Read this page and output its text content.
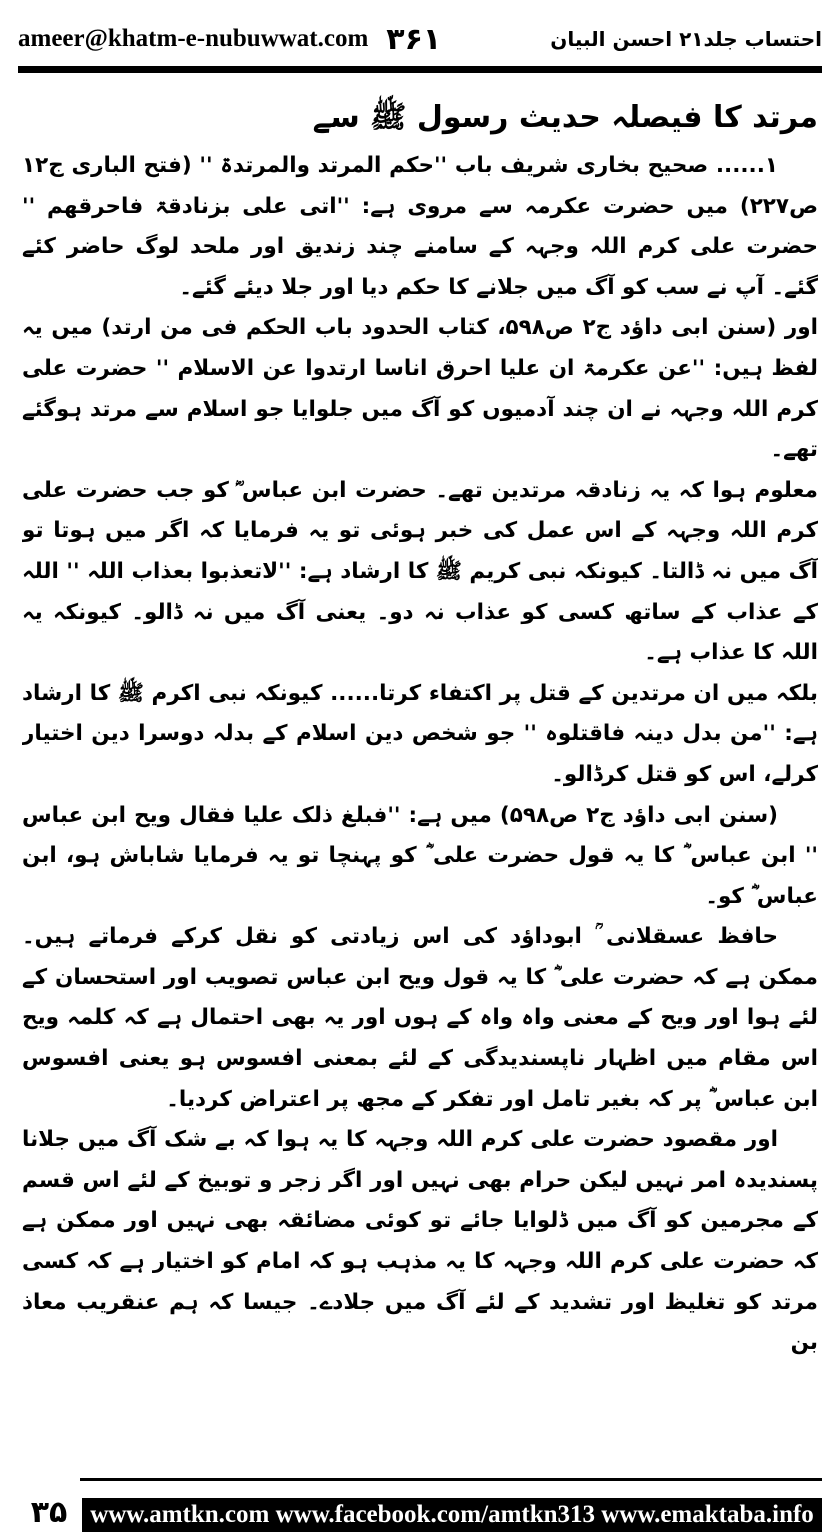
ameer@khatm-e-nubuwwat.com ۳۶۱	احتساب جلد۲۱ احسن البیان

مرتد کا فیصلہ حدیث رسول ﷺ سے

۱...... صحیح بخاری شریف باب ''حکم المرتد والمرتدۃ '' (فتح الباری ج۱۲ ص۲۲۷) میں حضرت عکرمہ سے مروی ہے: ''اتی علی بزنادقۃ فاحرقھم '' حضرت علی کرم اللہ وجہہ کے سامنے چند زندیق اور ملحد لوگ حاضر کئے گئے۔ آپ نے سب کو آگ میں جلانے کا حکم دیا اور جلا دیئے گئے۔

اور (سنن ابی داؤد ج۲ ص۵۹۸، کتاب الحدود باب الحکم فی من ارتد) میں یہ لفظ ہیں: ''عن عکرمۃ ان علیا احرق اناسا ارتدوا عن الاسلام '' حضرت علی کرم اللہ وجہہ نے ان چند آدمیوں کو آگ میں جلوایا جو اسلام سے مرتد ہوگئے تھے۔

معلوم ہوا کہ یہ زنادقہ مرتدین تھے۔ حضرت ابن عباس ؓ کو جب حضرت علی کرم اللہ وجہہ کے اس عمل کی خبر ہوئی تو یہ فرمایا کہ اگر میں ہوتا تو آگ میں نہ ڈالتا۔ کیونکہ نبی کریم ﷺ کا ارشاد ہے: ''لاتعذبوا بعذاب اللہ '' اللہ کے عذاب کے ساتھ کسی کو عذاب نہ دو۔ یعنی آگ میں نہ ڈالو۔ کیونکہ یہ اللہ کا عذاب ہے۔

بلکہ میں ان مرتدین کے قتل پر اکتفاء کرتا...... کیونکہ نبی اکرم ﷺ کا ارشاد ہے: ''من بدل دینہ فاقتلوہ '' جو شخص دین اسلام کے بدلہ دوسرا دین اختیار کرلے، اس کو قتل کرڈالو۔

(سنن ابی داؤد ج۲ ص۵۹۸) میں ہے: ''فبلغ ذلک علیا فقال ویح ابن عباس '' ابن عباس ؓ کا یہ قول حضرت علی ؓ کو پہنچا تو یہ فرمایا شاباش ہو، ابن عباس ؓ کو۔

حافظ عسقلانی ؒ ابوداؤد کی اس زیادتی کو نقل کرکے فرماتے ہیں۔ ممکن ہے کہ حضرت علی ؓ کا یہ قول ویح ابن عباس تصویب اور استحسان کے لئے ہوا اور ویح کے معنی واہ واہ کے ہوں اور یہ بھی احتمال ہے کہ کلمہ ویح اس مقام میں اظہار ناپسندیدگی کے لئے بمعنی افسوس ہو یعنی افسوس ابن عباس ؓ پر کہ بغیر تامل اور تفکر کے مجھ پر اعتراض کردیا۔

اور مقصود حضرت علی کرم اللہ وجہہ کا یہ ہوا کہ بے شک آگ میں جلانا پسندیدہ امر نہیں لیکن حرام بھی نہیں اور اگر زجر و توبیخ کے لئے اس قسم کے مجرمین کو آگ میں ڈلوایا جائے تو کوئی مضائقہ بھی نہیں اور ممکن ہے کہ حضرت علی کرم اللہ وجہہ کا یہ مذہب ہو کہ امام کو اختیار ہے کہ کسی مرتد کو تغلیظ اور تشدید کے لئے آگ میں جلادے۔ جیسا کہ ہم عنقریب معاذ بن

۳۵ www.amtkn.com www.facebook.com/amtkn313 www.emaktaba.info
